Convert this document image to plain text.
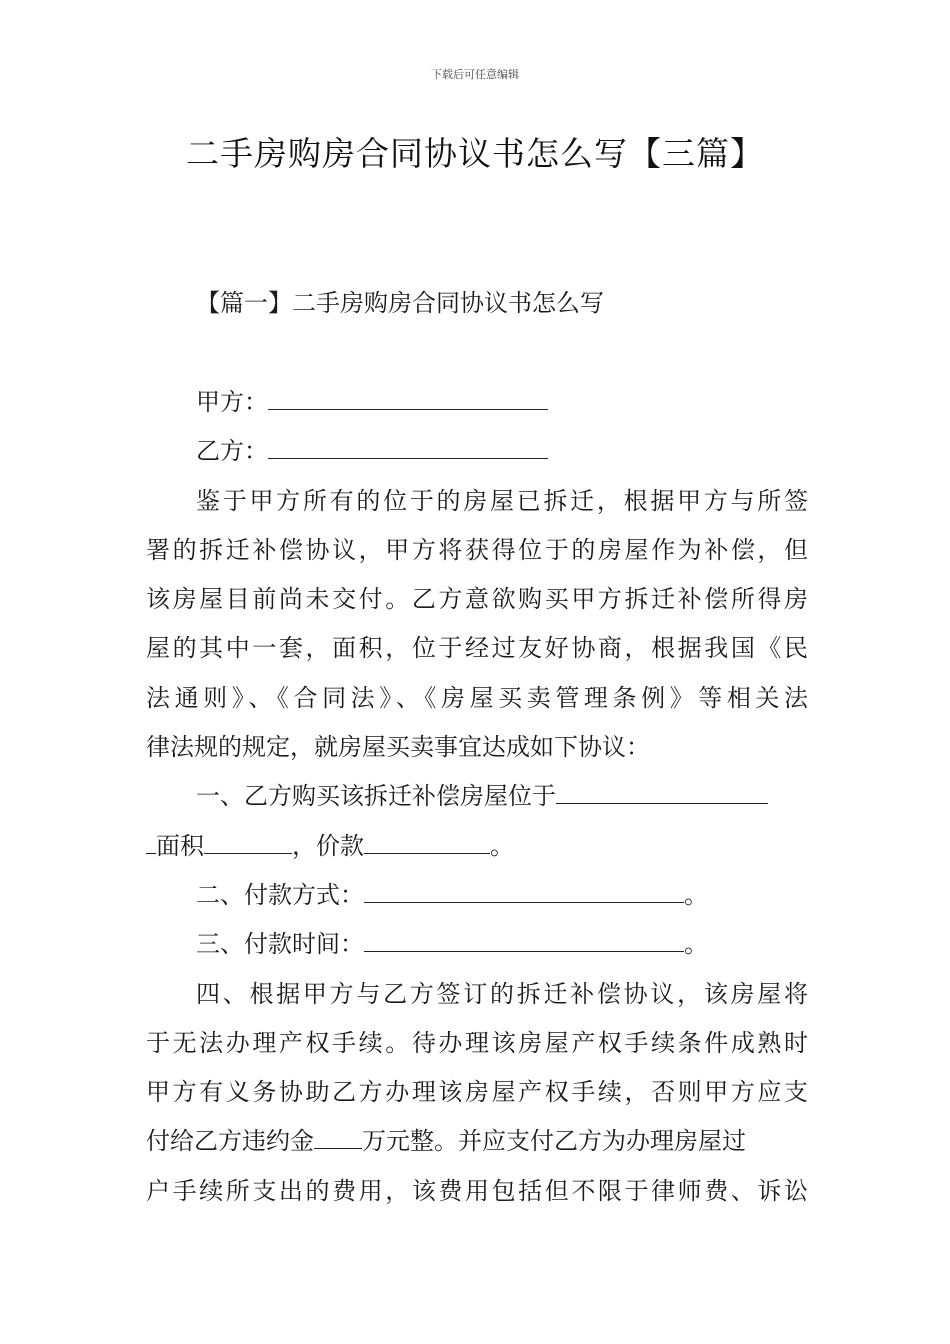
下载后可任意编辑
二手房购房合同协议书怎么写【三篇】
【篇一】二手房购房合同协议书怎么写
甲方：
乙方：
鉴于甲方所有的位于的房屋已拆迁，根据甲方与所签
署的拆迁补偿协议，甲方将获得位于的房屋作为补偿，但
该房屋目前尚未交付。乙方意欲购买甲方拆迁补偿所得房
屋的其中一套，面积，位于经过友好协商，根据我国《民
法通则》、《合同法》、《房屋买卖管理条例》等相关法
律法规的规定，就房屋买卖事宜达成如下协议：
一、乙方购买该拆迁补偿房屋位于
面积	，价款	。
二、付款方式：	。
三、付款时间：	。
四、根据甲方与乙方签订的拆迁补偿协议，该房屋将
于无法办理产权手续。待办理该房屋产权手续条件成熟时
甲方有义务协助乙方办理该房屋产权手续，否则甲方应支
付给乙方违约金 万元整。并应支付乙方为办理房屋过
户手续所支出的费用，该费用包括但不限于律师费、诉讼
